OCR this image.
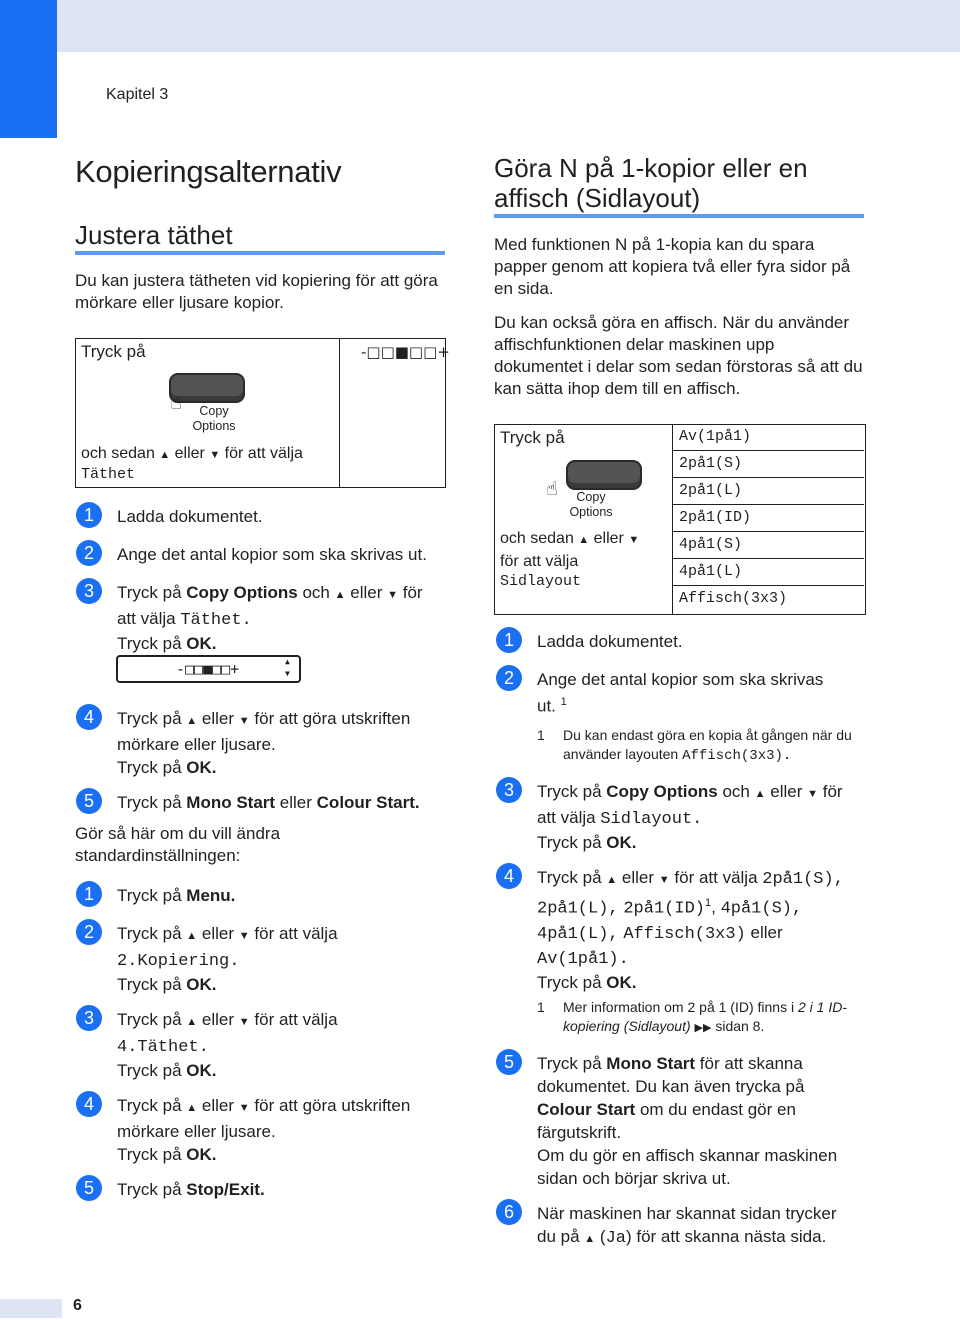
Kapitel 3
Kopieringsalternativ
Justera täthet
Du kan justera tätheten vid kopiering för att göra mörkare eller ljusare kopior.
Tryck på	-□□■□□+
☝	Copy
Options
och sedan ▲ eller ▼ för att välja
Täthet
1	Ladda dokumentet.
2	Ange det antal kopior som ska skrivas ut.
3	Tryck på Copy Options och ▲ eller ▼ för
att välja Täthet.
Tryck på OK.
-□□■□□+	▲▼
4	Tryck på ▲ eller ▼ för att göra utskriften
mörkare eller ljusare.
Tryck på OK.
5	Tryck på Mono Start eller Colour Start.
Gör så här om du vill ändra standardinställningen:
1	Tryck på Menu.
2	Tryck på ▲ eller ▼ för att välja
2.Kopiering.
Tryck på OK.
3	Tryck på ▲ eller ▼ för att välja
4.Täthet.
Tryck på OK.
4	Tryck på ▲ eller ▼ för att göra utskriften
mörkare eller ljusare.
Tryck på OK.
5	Tryck på Stop/Exit.
Göra N på 1-kopior eller en
affisch (Sidlayout)
Med funktionen N på 1-kopia kan du spara papper genom att kopiera två eller fyra sidor på en sida.
Du kan också göra en affisch. När du använder affischfunktionen delar maskinen upp dokumentet i delar som sedan förstoras så att du kan sätta ihop dem till en affisch.
Av(1på1)
2på1(S)
2på1(L)
2på1(ID)
4på1(S)
4på1(L)
Affisch(3x3)
Tryck på
☝	Copy
Options
och sedan ▲ eller ▼
för att välja
Sidlayout
1	Ladda dokumentet.
2	Ange det antal kopior som ska skrivas
ut. $^1$
1 Du kan endast göra en kopia åt gången när du
använder layouten Affisch(3x3).
3	Tryck på Copy Options och ▲ eller ▼ för
att välja Sidlayout.
Tryck på OK.
4	Tryck på ▲ eller ▼ för att välja 2på1(S),
2på1(L), 2på1(ID)$^1$, 4på1(S),
4på1(L), Affisch(3x3) eller
Av(1på1).
Tryck på OK.
1 Mer information om 2 på 1 (ID) finns i 2 i 1 ID-
kopiering (Sidlayout) ▶▶ sidan 8.
5	Tryck på Mono Start för att skanna
dokumentet. Du kan även trycka på
Colour Start om du endast gör en
färgutskrift.
Om du gör en affisch skannar maskinen
sidan och börjar skriva ut.
6	När maskinen har skannat sidan trycker
du på ▲ (Ja) för att skanna nästa sida.
6
